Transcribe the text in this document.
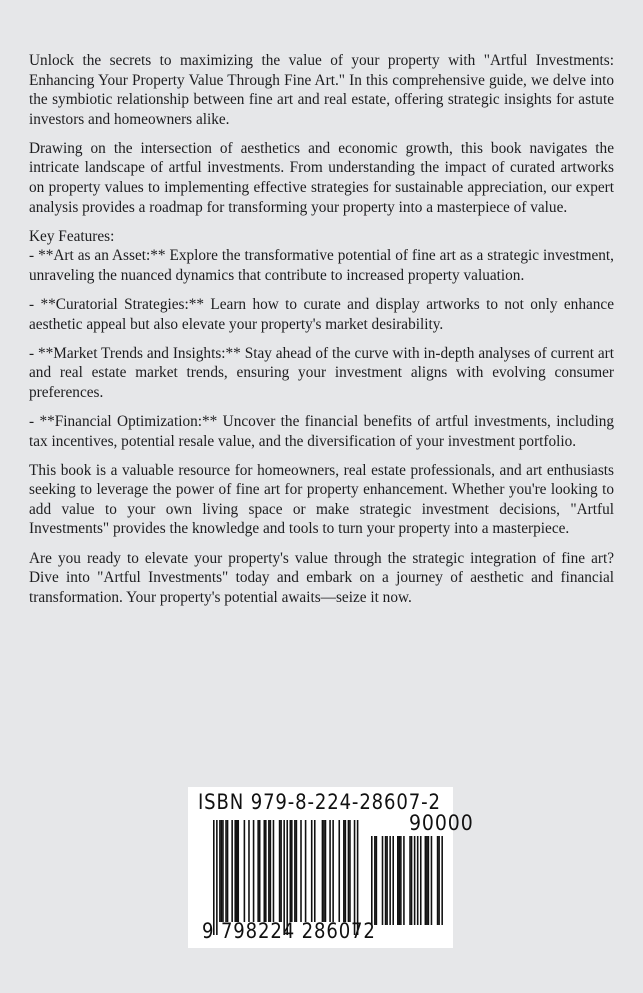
Unlock the secrets to maximizing the value of your property with "Artful Investments: Enhancing Your Property Value Through Fine Art." In this comprehensive guide, we delve into the symbiotic relationship between fine art and real estate, offering strategic insights for astute investors and homeowners alike.

Drawing on the intersection of aesthetics and economic growth, this book navigates the intricate landscape of artful investments. From understanding the impact of curated artworks on property values to implementing effective strategies for sustainable appreciation, our expert analysis provides a roadmap for transforming your property into a masterpiece of value.

Key Features:

- **Art as an Asset:** Explore the transformative potential of fine art as a strategic investment, unraveling the nuanced dynamics that contribute to increased property valuation.

- **Curatorial Strategies:** Learn how to curate and display artworks to not only enhance aesthetic appeal but also elevate your property's market desirability.

- **Market Trends and Insights:** Stay ahead of the curve with in-depth analyses of current art and real estate market trends, ensuring your investment aligns with evolving consumer preferences.

- **Financial Optimization:** Uncover the financial benefits of artful investments, including tax incentives, potential resale value, and the diversification of your investment portfolio.

This book is a valuable resource for homeowners, real estate professionals, and art enthusiasts seeking to leverage the power of fine art for property enhancement. Whether you're looking to add value to your own living space or make strategic investment decisions, "Artful Investments" provides the knowledge and tools to turn your property into a masterpiece.

Are you ready to elevate your property's value through the strategic integration of fine art? Dive into "Artful Investments" today and embark on a journey of aesthetic and financial transformation. Your property's potential awaits—seize it now.

ISBN 979-8-224-28607-2
90000
9 798224 286072
